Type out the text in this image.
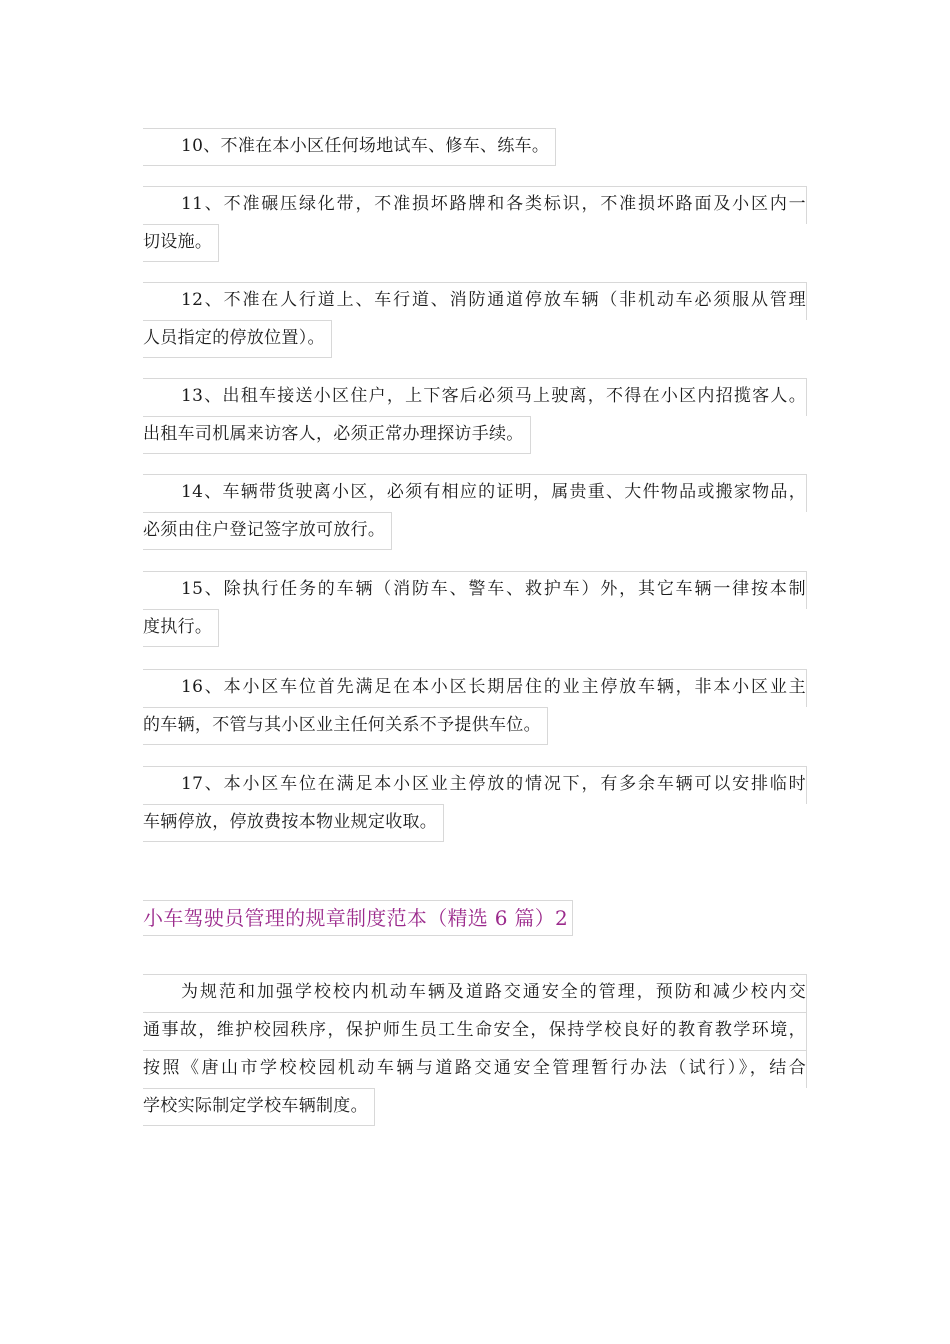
10、不准在本小区任何场地试车、修车、练车。
11、不准碾压绿化带，不准损坏路牌和各类标识，不准损坏路面及小区内一
切设施。
12、不准在人行道上、车行道、消防通道停放车辆（非机动车必须服从管理
人员指定的停放位置）。
13、出租车接送小区住户，上下客后必须马上驶离，不得在小区内招揽客人。
出租车司机属来访客人，必须正常办理探访手续。
14、车辆带货驶离小区，必须有相应的证明，属贵重、大件物品或搬家物品，
必须由住户登记签字放可放行。
15、除执行任务的车辆（消防车、警车、救护车）外，其它车辆一律按本制
度执行。
16、本小区车位首先满足在本小区长期居住的业主停放车辆，非本小区业主
的车辆，不管与其小区业主任何关系不予提供车位。
17、本小区车位在满足本小区业主停放的情况下，有多余车辆可以安排临时
车辆停放，停放费按本物业规定收取。
小车驾驶员管理的规章制度范本（精选 6 篇）2
为规范和加强学校校内机动车辆及道路交通安全的管理，预防和减少校内交
通事故，维护校园秩序，保护师生员工生命安全，保持学校良好的教育教学环境，
按照《唐山市学校校园机动车辆与道路交通安全管理暂行办法（试行）》，结合
学校实际制定学校车辆制度。
